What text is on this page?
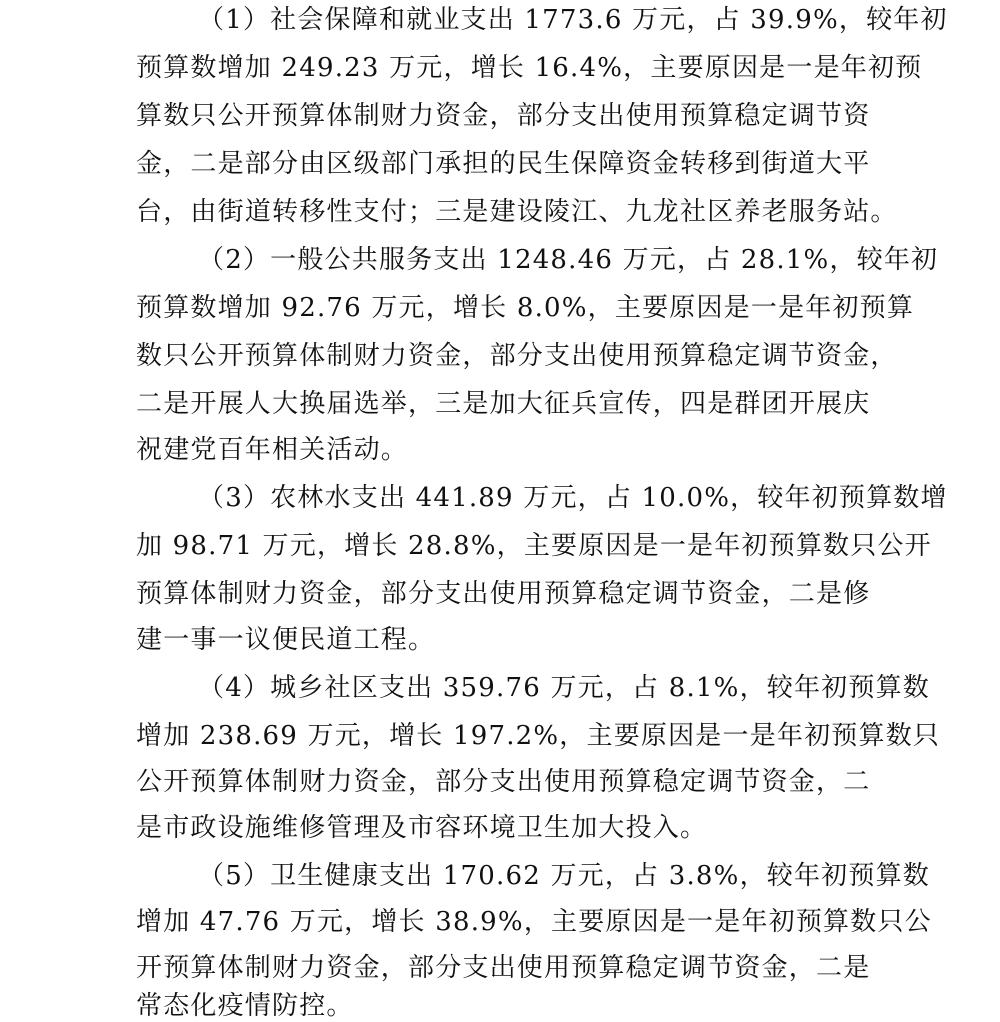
（1）社会保障和就业支出 1773.6 万元，占 39.9%，较年初
预算数增加 249.23 万元，增长 16.4%，主要原因是一是年初预
算数只公开预算体制财力资金，部分支出使用预算稳定调节资
金，二是部分由区级部门承担的民生保障资金转移到街道大平
台，由街道转移性支付；三是建设陵江、九龙社区养老服务站。
（2）一般公共服务支出 1248.46 万元，占 28.1%，较年初
预算数增加 92.76 万元，增长 8.0%，主要原因是一是年初预算
数只公开预算体制财力资金，部分支出使用预算稳定调节资金，
二是开展人大换届选举，三是加大征兵宣传，四是群团开展庆
祝建党百年相关活动。
（3）农林水支出 441.89 万元，占 10.0%，较年初预算数增
加 98.71 万元，增长 28.8%，主要原因是一是年初预算数只公开
预算体制财力资金，部分支出使用预算稳定调节资金，二是修
建一事一议便民道工程。
（4）城乡社区支出 359.76 万元，占 8.1%，较年初预算数
增加 238.69 万元，增长 197.2%，主要原因是一是年初预算数只
公开预算体制财力资金，部分支出使用预算稳定调节资金，二
是市政设施维修管理及市容环境卫生加大投入。
（5）卫生健康支出 170.62 万元，占 3.8%，较年初预算数
增加 47.76 万元，增长 38.9%，主要原因是一是年初预算数只公
开预算体制财力资金，部分支出使用预算稳定调节资金，二是
常态化疫情防控。
